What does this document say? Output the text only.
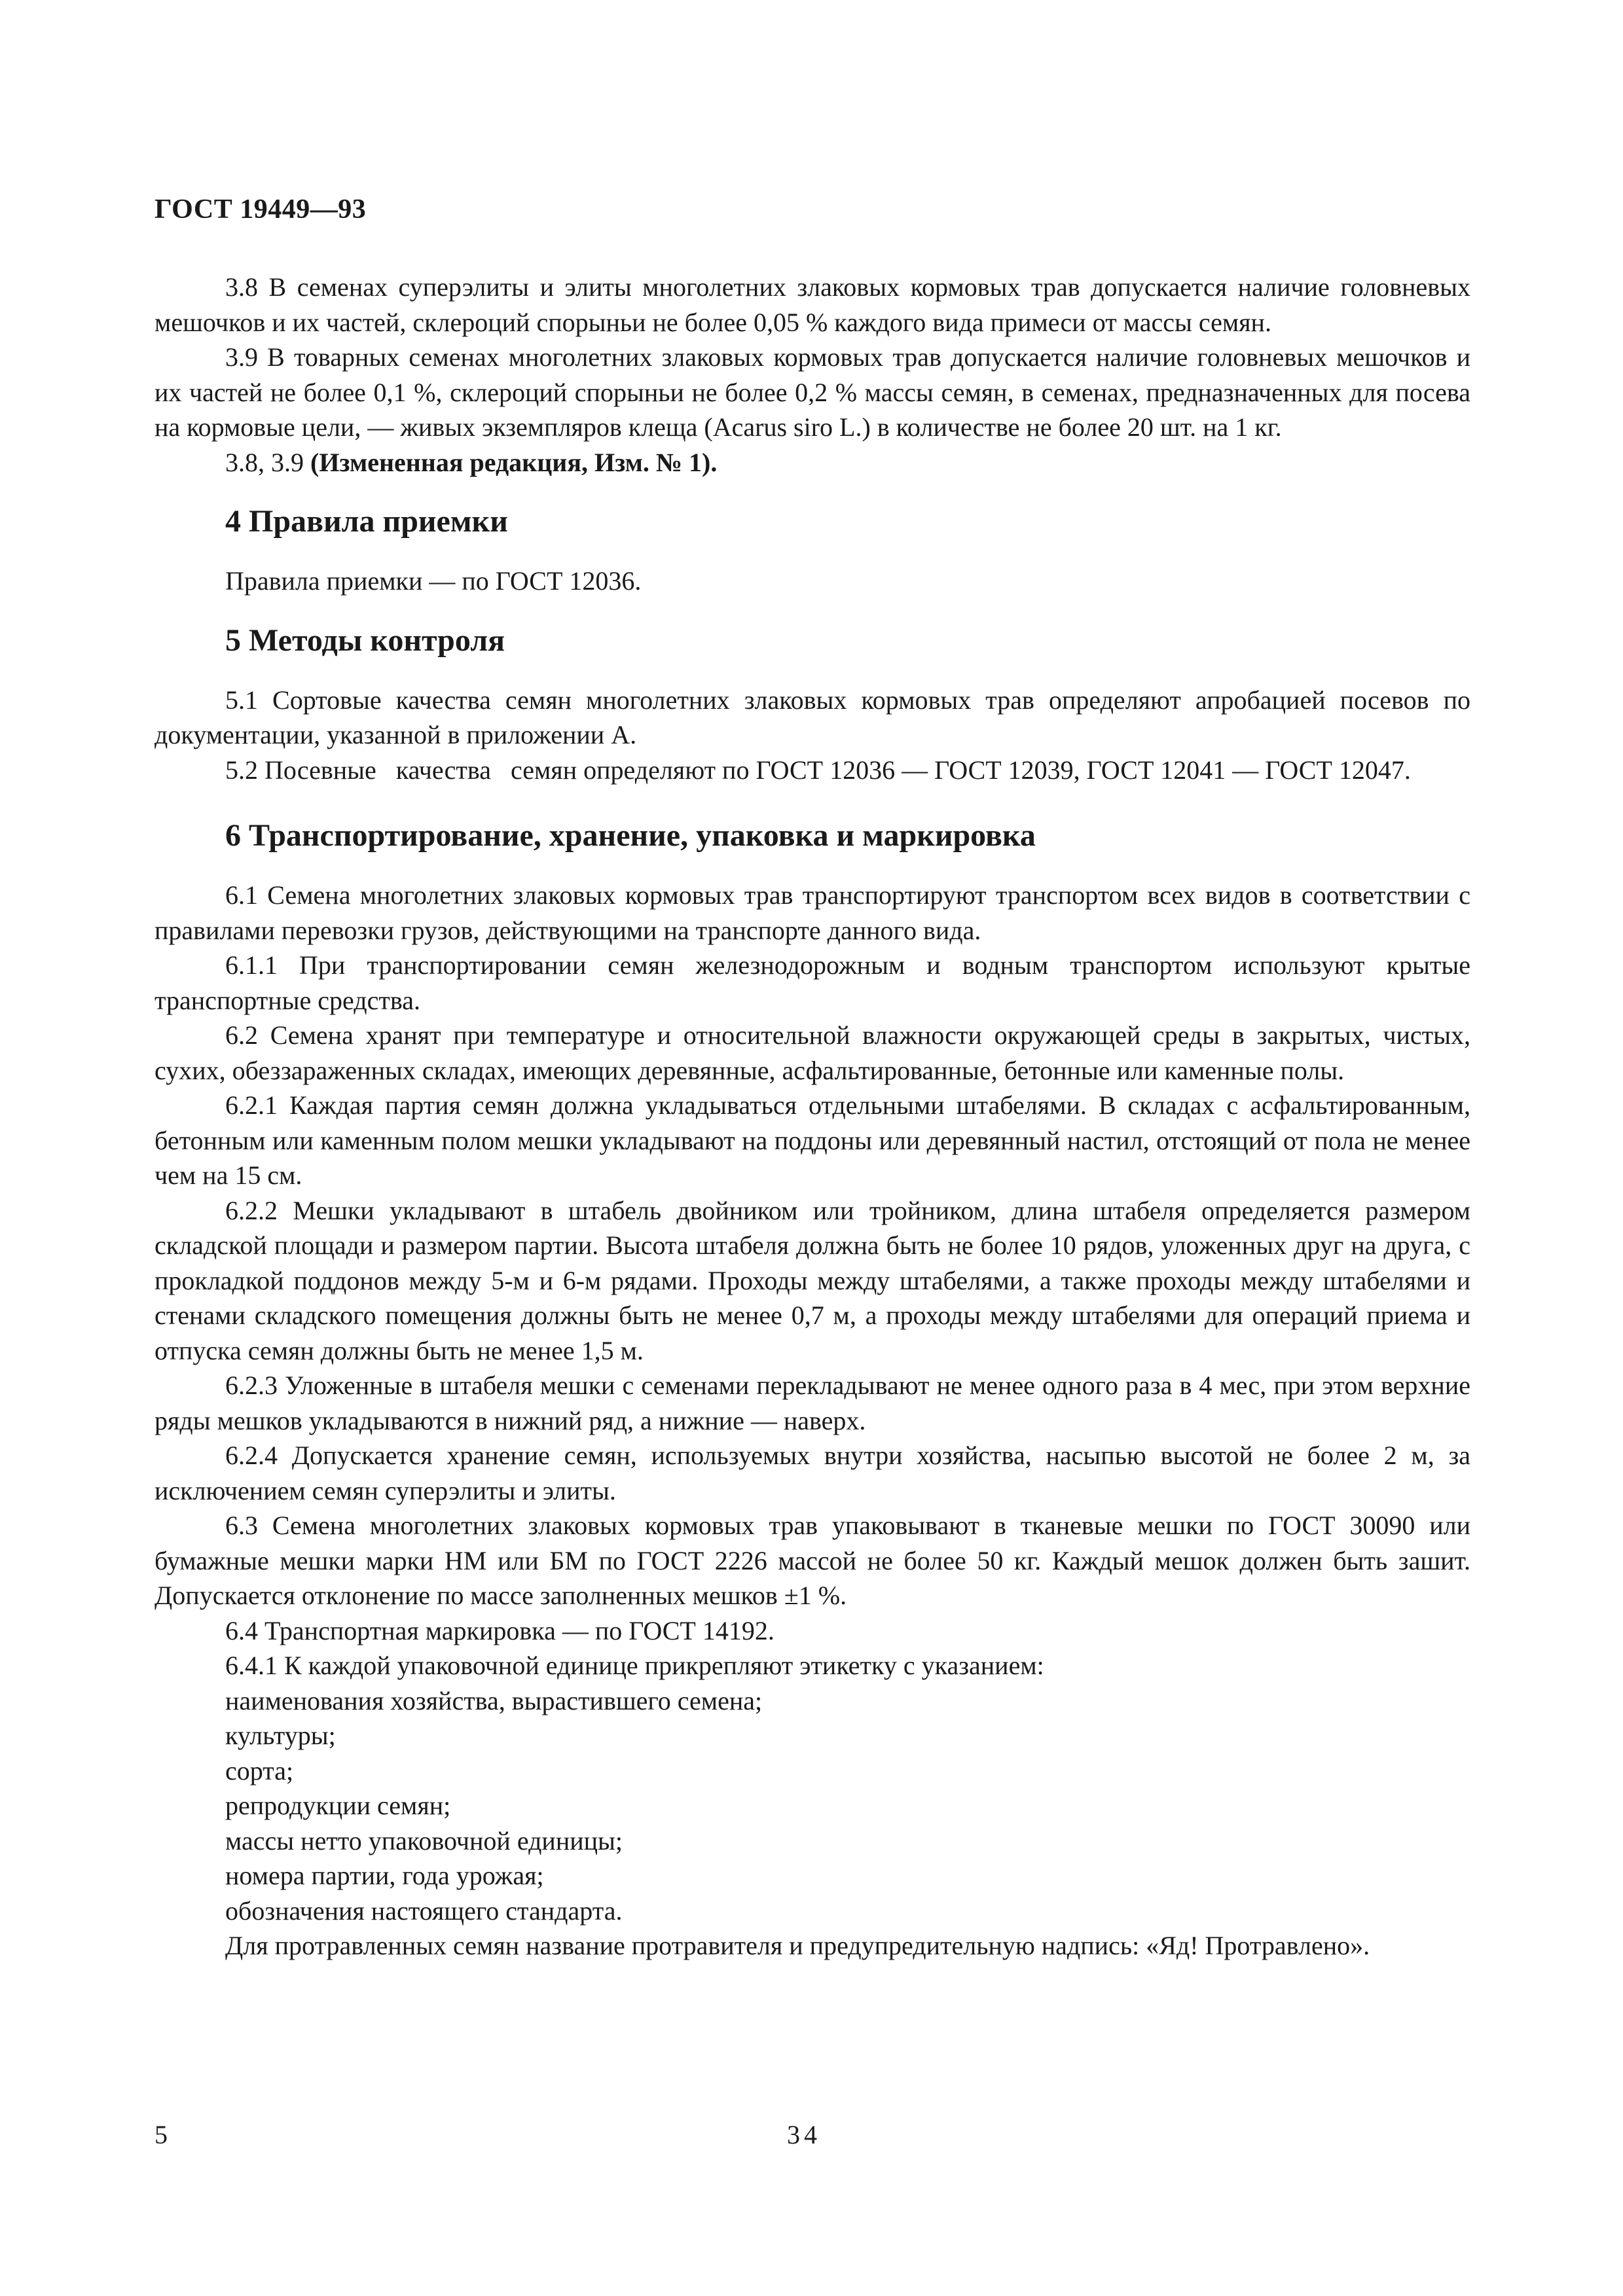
ГОСТ 19449—93

3.8 В семенах суперэлиты и элиты многолетних злаковых кормовых трав допускается наличие головневых мешочков и их частей, склероций спорыньи не более 0,05 % каждого вида примеси от массы семян.

3.9 В товарных семенах многолетних злаковых кормовых трав допускается наличие головневых мешочков и их частей не более 0,1 %, склероций спорыньи не более 0,2 % массы семян, в семенах, предназначенных для посева на кормовые цели, — живых экземпляров клеща (Acarus siro L.) в количестве не более 20 шт. на 1 кг.

3.8, 3.9 (Измененная редакция, Изм. № 1).

4 Правила приемки

Правила приемки — по ГОСТ 12036.

5 Методы контроля

5.1 Сортовые качества семян многолетних злаковых кормовых трав определяют апробацией посевов по документации, указанной в приложении А.

5.2 Посевные   качества   семян определяют по ГОСТ 12036 — ГОСТ 12039, ГОСТ 12041 — ГОСТ 12047.

6 Транспортирование, хранение, упаковка и маркировка

6.1 Семена многолетних злаковых кормовых трав транспортируют транспортом всех видов в соответствии с правилами перевозки грузов, действующими на транспорте данного вида.

6.1.1 При транспортировании семян железнодорожным и водным транспортом используют крытые транспортные средства.

6.2 Семена хранят при температуре и относительной влажности окружающей среды в закрытых, чистых, сухих, обеззараженных складах, имеющих деревянные, асфальтированные, бетонные или каменные полы.

6.2.1 Каждая партия семян должна укладываться отдельными штабелями. В складах с асфальтированным, бетонным или каменным полом мешки укладывают на поддоны или деревянный настил, отстоящий от пола не менее чем на 15 см.

6.2.2 Мешки укладывают в штабель двойником или тройником, длина штабеля определяется размером складской площади и размером партии. Высота штабеля должна быть не более 10 рядов, уложенных друг на друга, с прокладкой поддонов между 5-м и 6-м рядами. Проходы между штабелями, а также проходы между штабелями и стенами складского помещения должны быть не менее 0,7 м, а проходы между штабелями для операций приема и отпуска семян должны быть не менее 1,5 м.

6.2.3 Уложенные в штабеля мешки с семенами перекладывают не менее одного раза в 4 мес, при этом верхние ряды мешков укладываются в нижний ряд, а нижние — наверх.

6.2.4 Допускается хранение семян, используемых внутри хозяйства, насыпью высотой не более 2 м, за исключением семян суперэлиты и элиты.

6.3 Семена многолетних злаковых кормовых трав упаковывают в тканевые мешки по ГОСТ 30090 или бумажные мешки марки НМ или БМ по ГОСТ 2226 массой не более 50 кг. Каждый мешок должен быть зашит. Допускается отклонение по массе заполненных мешков ±1 %.

6.4 Транспортная маркировка — по ГОСТ 14192.

6.4.1 К каждой упаковочной единице прикрепляют этикетку с указанием:

наименования хозяйства, вырастившего семена;

культуры;

сорта;

репродукции семян;

массы нетто упаковочной единицы;

номера партии, года урожая;

обозначения настоящего стандарта.

Для протравленных семян название протравителя и предупредительную надпись: «Яд! Протравлено».

5	34
